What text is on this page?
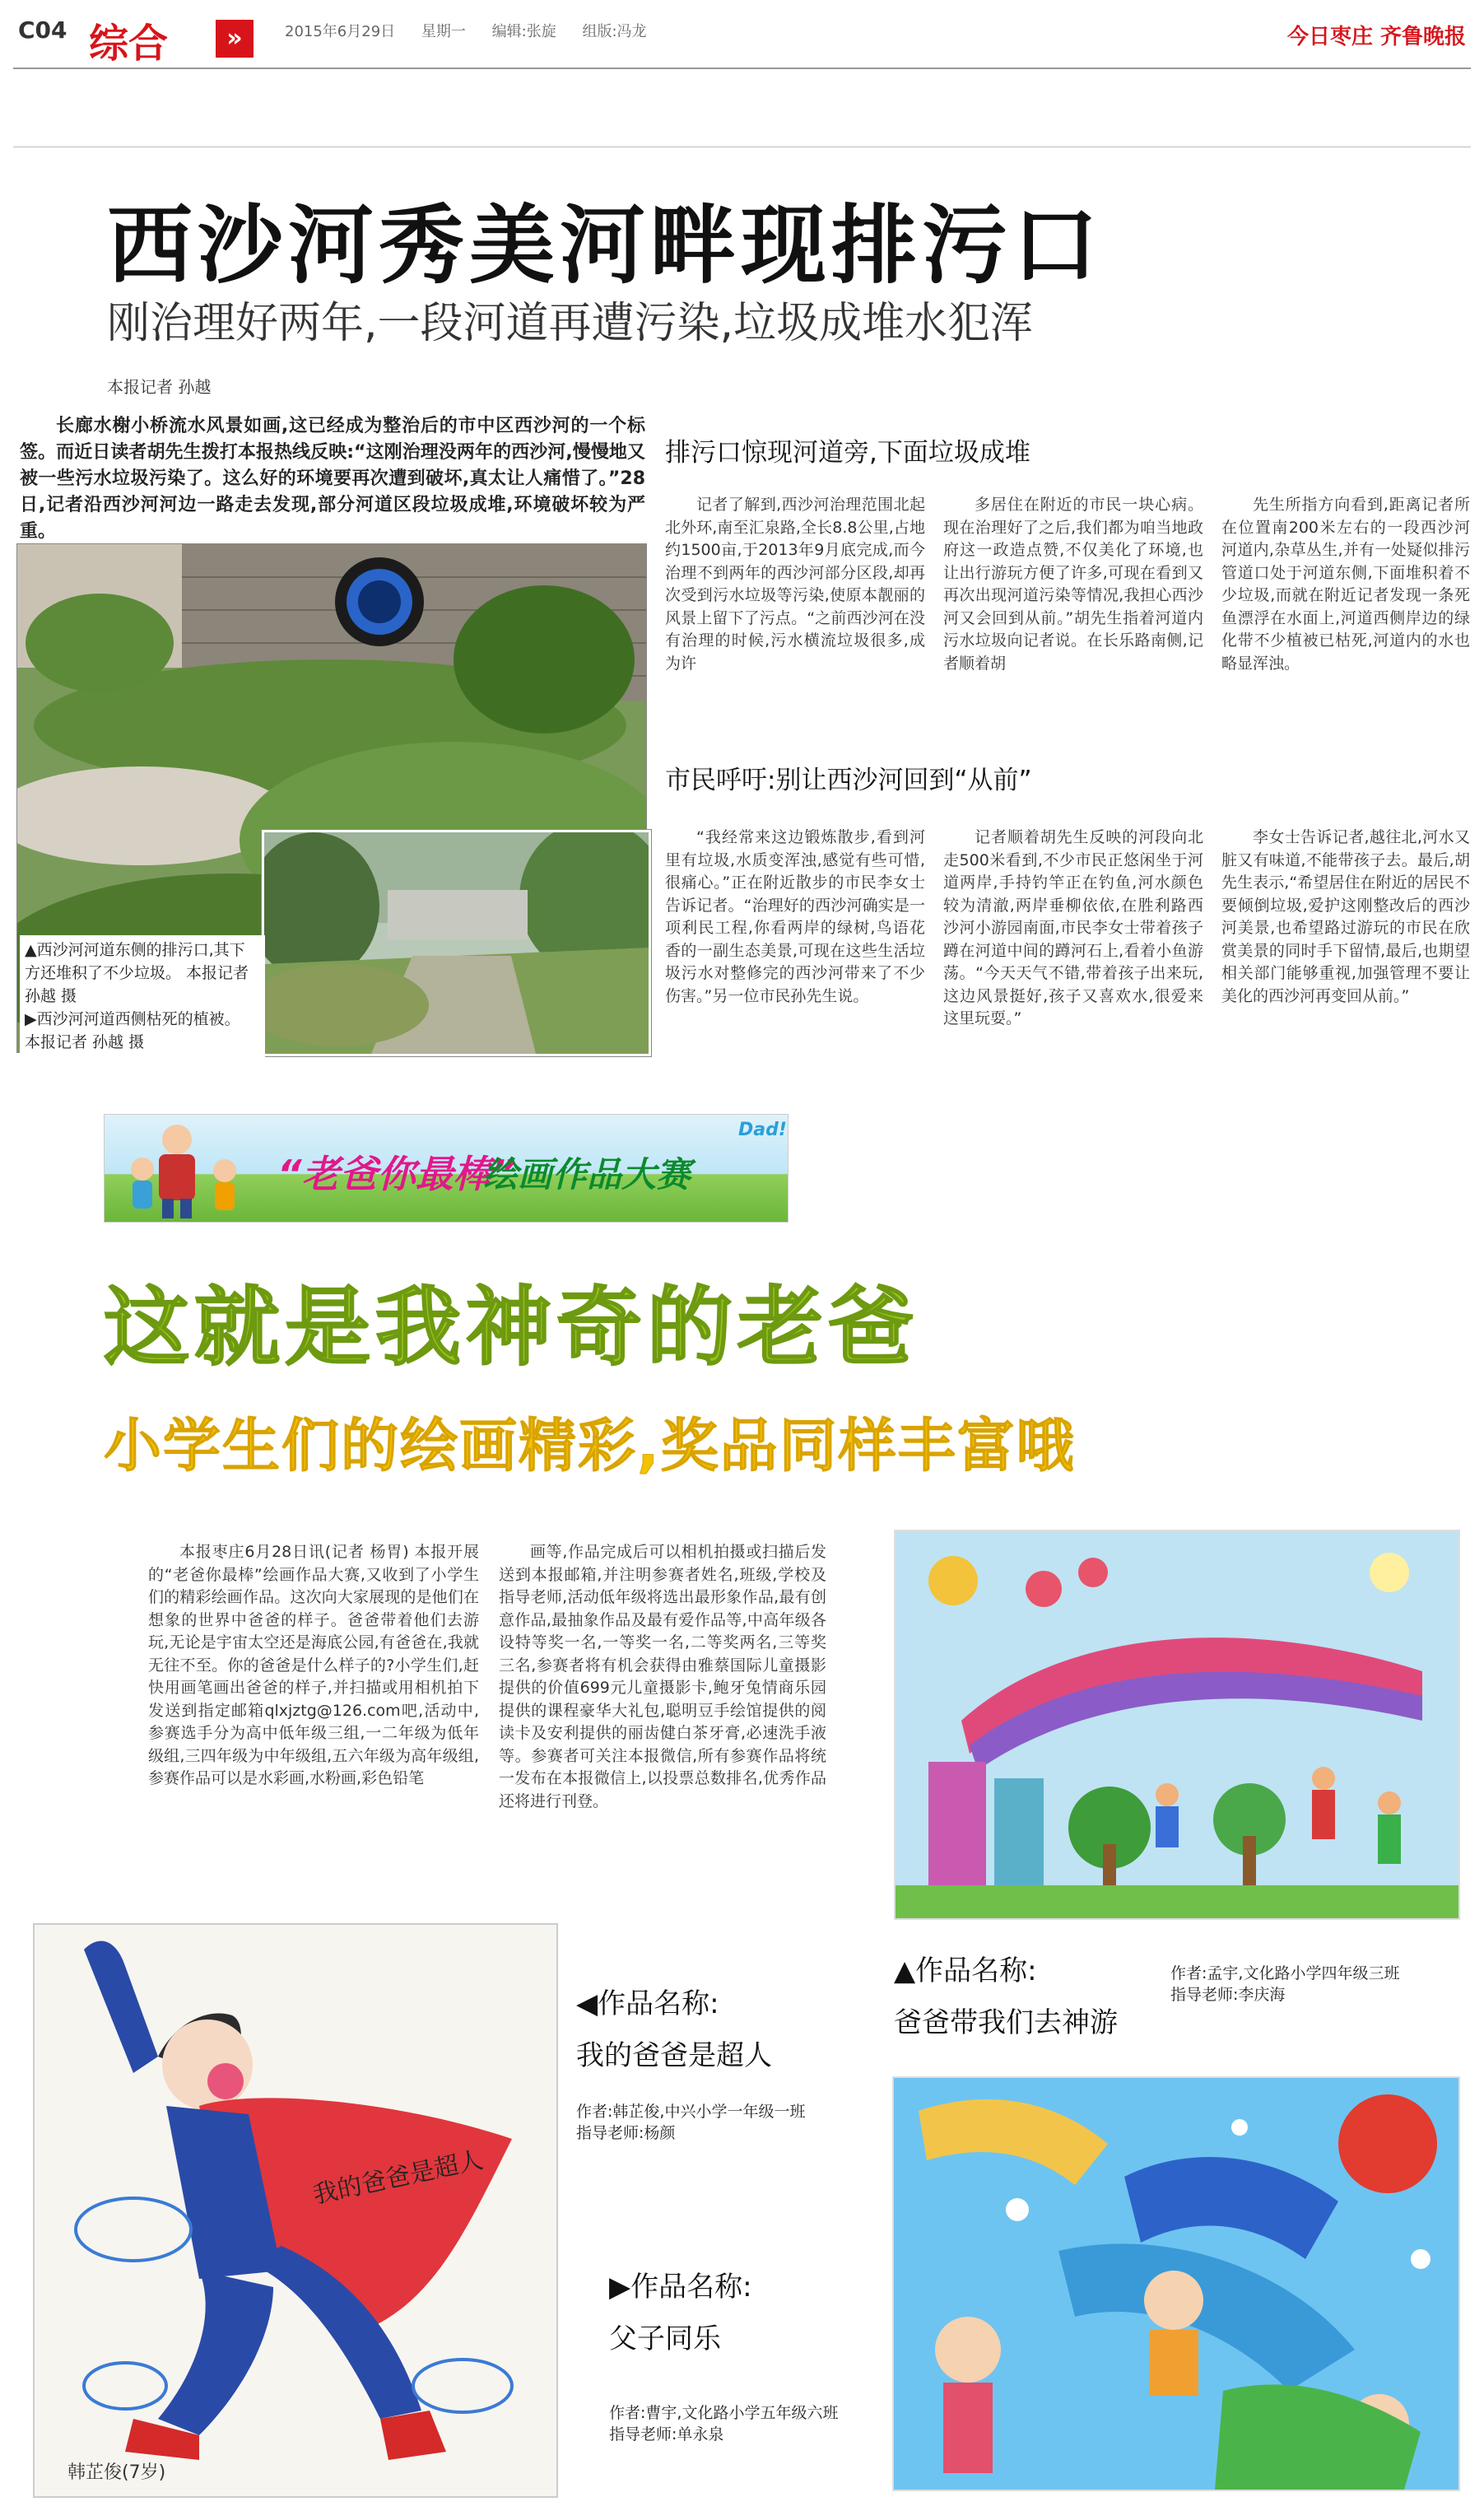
C04 综合	»	2015年6月29日 星期一 编辑:张旋 组版:冯龙	今日枣庄 齐鲁晚报
西沙河秀美河畔现排污口
刚治理好两年,一段河道再遭污染,垃圾成堆水犯浑
本报记者 孙越
长廊水榭小桥流水风景如画,这已经成为整治后的市中区西沙河的一个标签。而近日读者胡先生拨打本报热线反映:“这刚治理没两年的西沙河,慢慢地又被一些污水垃圾污染了。这么好的环境要再次遭到破坏,真太让人痛惜了。”28日,记者沿西沙河河边一路走去发现,部分河道区段垃圾成堆,环境破坏较为严重。
▲西沙河河道东侧的排污口,其下方还堆积了不少垃圾。 本报记者 孙越 摄
▶西沙河河道西侧枯死的植被。 本报记者 孙越 摄
排污口惊现河道旁,下面垃圾成堆
记者了解到,西沙河治理范围北起北外环,南至汇泉路,全长8.8公里,占地约1500亩,于2013年9月底完成,而今治理不到两年的西沙河部分区段,却再次受到污水垃圾等污染,使原本靓丽的风景上留下了污点。“之前西沙河在没有治理的时候,污水横流垃圾很多,成为许
多居住在附近的市民一块心病。现在治理好了之后,我们都为咱当地政府这一政造点赞,不仅美化了环境,也让出行游玩方便了许多,可现在看到又再次出现河道污染等情况,我担心西沙河又会回到从前。”胡先生指着河道内污水垃圾向记者说。在长乐路南侧,记者顺着胡
先生所指方向看到,距离记者所在位置南200米左右的一段西沙河河道内,杂草丛生,并有一处疑似排污管道口处于河道东侧,下面堆积着不少垃圾,而就在附近记者发现一条死鱼漂浮在水面上,河道西侧岸边的绿化带不少植被已枯死,河道内的水也略显浑浊。
市民呼吁:别让西沙河回到“从前”
“我经常来这边锻炼散步,看到河里有垃圾,水质变浑浊,感觉有些可惜,很痛心。”正在附近散步的市民李女士告诉记者。“治理好的西沙河确实是一项利民工程,你看两岸的绿树,鸟语花香的一副生态美景,可现在这些生活垃圾污水对整修完的西沙河带来了不少伤害。”另一位市民孙先生说。
记者顺着胡先生反映的河段向北走500米看到,不少市民正悠闲坐于河道两岸,手持钓竿正在钓鱼,河水颜色较为清澈,两岸垂柳依依,在胜利路西沙河小游园南面,市民李女士带着孩子蹲在河道中间的蹲河石上,看着小鱼游荡。“今天天气不错,带着孩子出来玩,这边风景挺好,孩子又喜欢水,很爱来这里玩耍。”
李女士告诉记者,越往北,河水又脏又有味道,不能带孩子去。最后,胡先生表示,“希望居住在附近的居民不要倾倒垃圾,爱护这刚整改后的西沙河美景,也希望路过游玩的市民在欣赏美景的同时手下留情,最后,也期望相关部门能够重视,加强管理不要让美化的西沙河再变回从前。”
“老爸你最棒”
绘画作品大赛
Dad!
这就是我神奇的老爸
小学生们的绘画精彩,奖品同样丰富哦
本报枣庄6月28日讯(记者 杨胃) 本报开展的“老爸你最棒”绘画作品大赛,又收到了小学生们的精彩绘画作品。这次向大家展现的是他们在想象的世界中爸爸的样子。爸爸带着他们去游玩,无论是宇宙太空还是海底公园,有爸爸在,我就无往不至。你的爸爸是什么样子的?小学生们,赶快用画笔画出爸爸的样子,并扫描或用相机拍下发送到指定邮箱qlxjztg@126.com吧,活动中,参赛选手分为高中低年级三组,一二年级为低年级组,三四年级为中年级组,五六年级为高年级组,参赛作品可以是水彩画,水粉画,彩色铅笔
画等,作品完成后可以相机拍摄或扫描后发送到本报邮箱,并注明参赛者姓名,班级,学校及指导老师,活动低年级将选出最形象作品,最有创意作品,最抽象作品及最有爱作品等,中高年级各设特等奖一名,一等奖一名,二等奖两名,三等奖三名,参赛者将有机会获得由雅蔡国际儿童摄影提供的价值699元儿童摄影卡,鲍牙兔情商乐园提供的课程豪华大礼包,聪明豆手绘馆提供的阅读卡及安利提供的丽齿健白茶牙膏,必速洗手液等。参赛者可关注本报微信,所有参赛作品将统一发布在本报微信上,以投票总数排名,优秀作品还将进行刊登。
我的爸爸是超人
韩芷俊(7岁)
◀作品名称:
我的爸爸是超人
作者:韩芷俊,中兴小学一年级一班
指导老师:杨颜
▲作品名称:
爸爸带我们去神游
作者:孟宇,文化路小学四年级三班
指导老师:李庆海
▶作品名称:
父子同乐
作者:曹宇,文化路小学五年级六班
指导老师:单永泉
